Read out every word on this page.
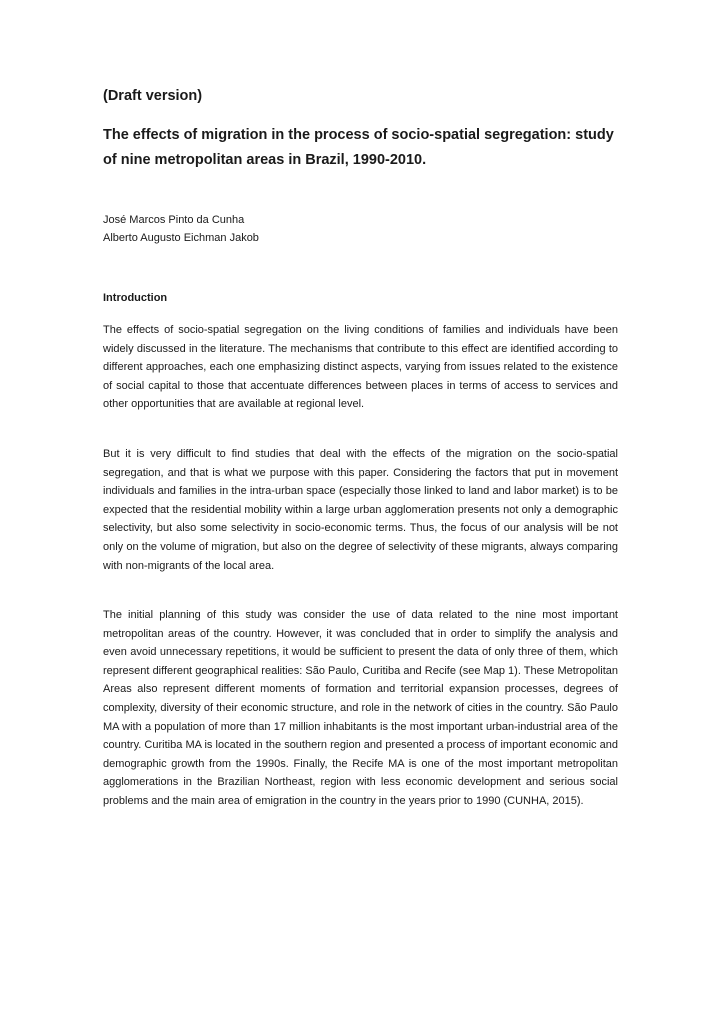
(Draft version)
The effects of migration in the process of socio-spatial segregation: study of nine metropolitan areas in Brazil, 1990-2010.
José Marcos Pinto da Cunha
Alberto Augusto Eichman Jakob
Introduction

The effects of socio-spatial segregation on the living conditions of families and individuals have been widely discussed in the literature. The mechanisms that contribute to this effect are identified according to different approaches, each one emphasizing distinct aspects, varying from issues related to the existence of social capital to those that accentuate differences between places in terms of access to services and other opportunities that are available at regional level.

But it is very difficult to find studies that deal with the effects of the migration on the socio-spatial segregation, and that is what we purpose with this paper. Considering the factors that put in movement individuals and families in the intra-urban space (especially those linked to land and labor market) is to be expected that the residential mobility within a large urban agglomeration presents not only a demographic selectivity, but also some selectivity in socio-economic terms. Thus, the focus of our analysis will be not only on the volume of migration, but also on the degree of selectivity of these migrants, always comparing with non-migrants of the local area.

The initial planning of this study was consider the use of data related to the nine most important metropolitan areas of the country. However, it was concluded that in order to simplify the analysis and even avoid unnecessary repetitions, it would be sufficient to present the data of only three of them, which represent different geographical realities: São Paulo, Curitiba and Recife (see Map 1). These Metropolitan Areas also represent different moments of formation and territorial expansion processes, degrees of complexity, diversity of their economic structure, and role in the network of cities in the country. São Paulo MA with a population of more than 17 million inhabitants is the most important urban-industrial area of the country. Curitiba MA is located in the southern region and presented a process of important economic and demographic growth from the 1990s. Finally, the Recife MA is one of the most important metropolitan agglomerations in the Brazilian Northeast, region with less economic development and serious social problems and the main area of emigration in the country in the years prior to 1990 (CUNHA, 2015).
